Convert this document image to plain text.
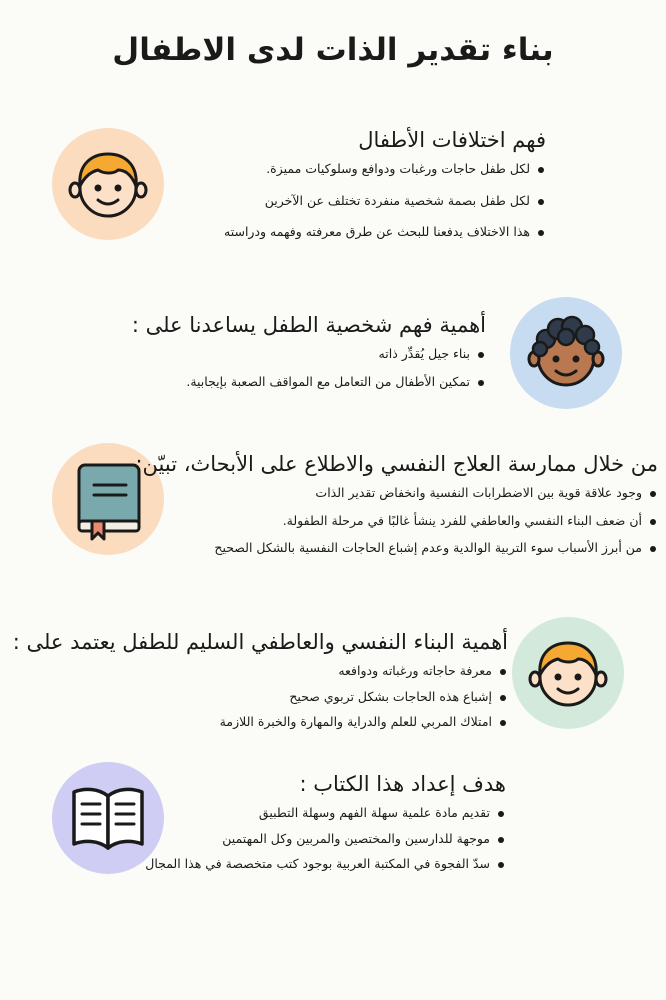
بناء تقدير الذات لدى الاطفال
فهم اختلافات الأطفال
لكل طفل حاجات ورغبات ودوافع وسلوكيات مميزة.
لكل طفل بصمة شخصية منفردة تختلف عن الآخرين
هذا الاختلاف يدفعنا للبحث عن طرق معرفته وفهمه ودراسته
أهمية فهم شخصية الطفل يساعدنا على :
بناء جيل يُقدِّر ذاته
تمكين الأطفال من التعامل مع المواقف الصعبة بإيجابية.
من خلال ممارسة العلاج النفسي والاطلاع على الأبحاث، تبيّن:
وجود علاقة قوية بين الاضطرابات النفسية وانخفاض تقدير الذات
أن ضعف البناء النفسي والعاطفي للفرد ينشأ غالبًا في مرحلة الطفولة.
من أبرز الأسباب سوء التربية الوالدية وعدم إشباع الحاجات النفسية بالشكل الصحيح
أهمية البناء النفسي والعاطفي السليم للطفل يعتمد على :
معرفة حاجاته ورغباته ودوافعه
إشباع هذه الحاجات بشكل تربوي صحيح
امتلاك المربي للعلم والدراية والمهارة والخبرة اللازمة
هدف إعداد هذا الكتاب :
تقديم مادة علمية سهلة الفهم وسهلة التطبيق
موجهة للدارسين والمختصين والمربين وكل المهتمين
سدّ الفجوة في المكتبة العربية بوجود كتب متخصصة في هذا المجال
